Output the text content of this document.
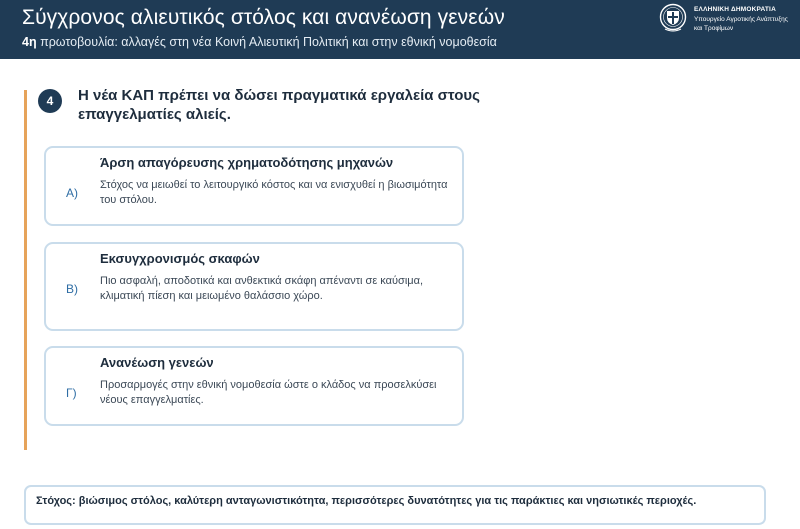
Σύγχρονος αλιευτικός στόλος και ανανέωση γενεών
4η πρωτοβουλία: αλλαγές στη νέα Κοινή Αλιευτική Πολιτική και στην εθνική νομοθεσία
ΕΛΛΗΝΙΚΗ ΔΗΜΟΚΡΑΤΙΑ
Υπουργείο Αγροτικής Ανάπτυξης
και Τροφίμων
4	Η νέα ΚΑΠ πρέπει να δώσει πραγματικά εργαλεία στους επαγγελματίες αλιείς.
Α)
Άρση απαγόρευσης χρηματοδότησης μηχανών
Στόχος να μειωθεί το λειτουργικό κόστος και να ενισχυθεί η βιωσιμότητα του στόλου.
Β)
Εκσυγχρονισμός σκαφών
Πιο ασφαλή, αποδοτικά και ανθεκτικά σκάφη απέναντι σε καύσιμα, κλιματική πίεση και μειωμένο θαλάσσιο χώρο.
Γ)
Ανανέωση γενεών
Προσαρμογές στην εθνική νομοθεσία ώστε ο κλάδος να προσελκύσει νέους επαγγελματίες.
Στόχος: βιώσιμος στόλος, καλύτερη ανταγωνιστικότητα, περισσότερες δυνατότητες για τις παράκτιες και νησιωτικές περιοχές.
